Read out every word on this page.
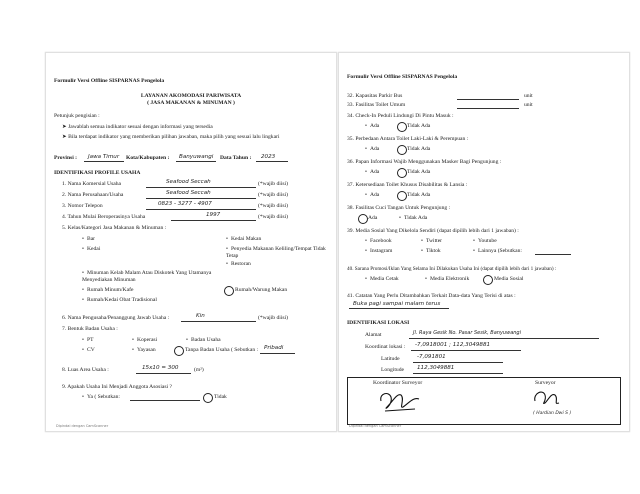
Formulir Versi Offline SISPARNAS Pengelola
LAYANAN AKOMODASI PARIWISATA
( JASA MAKANAN & MINUMAN )
Petunjuk pengisian :
➤ Jawablah semua indikator sesuai dengan informasi yang tersedia
➤ Bila terdapat indikator yang memberikan pilihan jawaban, maka pilih yang sesuai lalu lingkari
Provinsi : Jawa Timur Kota/Kabupaten : Banyuwangi Data Tahun : 2023
IDENTIFIKASI PROFILE USAHA
1. Nama Komersial Usaha	Seafood Seccah	(*wajib diisi)
2. Nama Perusahaan/Usaha	Seafood Seccah	(*wajib diisi)
3. Nomor Telepon	0823 - 3277 - 4907	(*wajib diisi)
4. Tahun Mulai Beroperasinya Usaha	1997	(*wajib diisi)
5. Kelas/Kategori Jasa Makanan & Minuman :
• Bar
• Kedai
• Kedai Makan
• Penyedia Makanan Keliling/Tempat Tidak Tetap
• Restoran
• Minuman Kelab Malam Atau Diskotek Yang Utamanya Menyediakan Minuman
• Rumah Minum/Kafe
• Rumah/Kedai Obat Tradisional
Rumah/Warung Makan
6. Nama Pengusaha/Penanggung Jawab Usaha :	Kin	(*wajib diisi)
7. Bentuk Badan Usaha :
• PT	• Koperasi	• Badan Usaha
• CV	• Yayasan	Tanpa Badan Usaha ( Sebutkan : Pribadi
8. Luas Area Usaha :	15x10 = 300	(m²)
9. Apakah Usaha Ini Menjadi Anggota Asosiasi ?
• Ya ( Sebutkan:	Tidak
Dipindai dengan CamScanner
Formulir Versi Offline SISPARNAS Pengelola
32. Kapasitas Parkir Bus	unit
33. Fasilitas Toilet Umum	unit
34. Check-In Peduli Lindungi Di Pintu Masuk :
• Ada	Tidak Ada
35. Perbedaan Antara Toilet Laki-Laki & Perempuan :
• Ada	Tidak Ada
36. Papan Informasi Wajib Menggunakan Masker Bagi Pengunjung :
• Ada	Tidak Ada
37. Ketersediaan Toilet Khusus Disabilitas & Lansia :
• Ada	Tidak Ada
38. Fasilitas Cuci Tangan Untuk Pengunjung :
Ada	• Tidak Ada
39. Media Sosial Yang Dikelola Sendiri (dapat dipilih lebih dari 1 jawaban) :
• Facebook	• Twitter	• Youtube
• Instagram	• Tiktok	• Lainnya (Sebutkan:
40. Sarana Promosi/Iklan Yang Selama Ini Dilakukan Usaha Ini (dapat dipilih lebih dari 1 jawaban) :
• Media Cetak	• Media Elektronik	Media Sosial
41. Catatan Yang Perlu Ditambahkan Terkait Data-data Yang Terisi di atas :
Buka pagi sampai malam terus
IDENTIFIKASI LOKASI
Alamat	Jl. Raya Gesik No. Pasar Sesik, Banyuwangi
Koordinat lokasi : -7,0918001 ; 112,3049881
Latitude	-7,091801
Longitude 112,3049881
Koordinator Surveyor	Surveyor
( Hardian Dwi S )
Dipindai dengan CamScanner
